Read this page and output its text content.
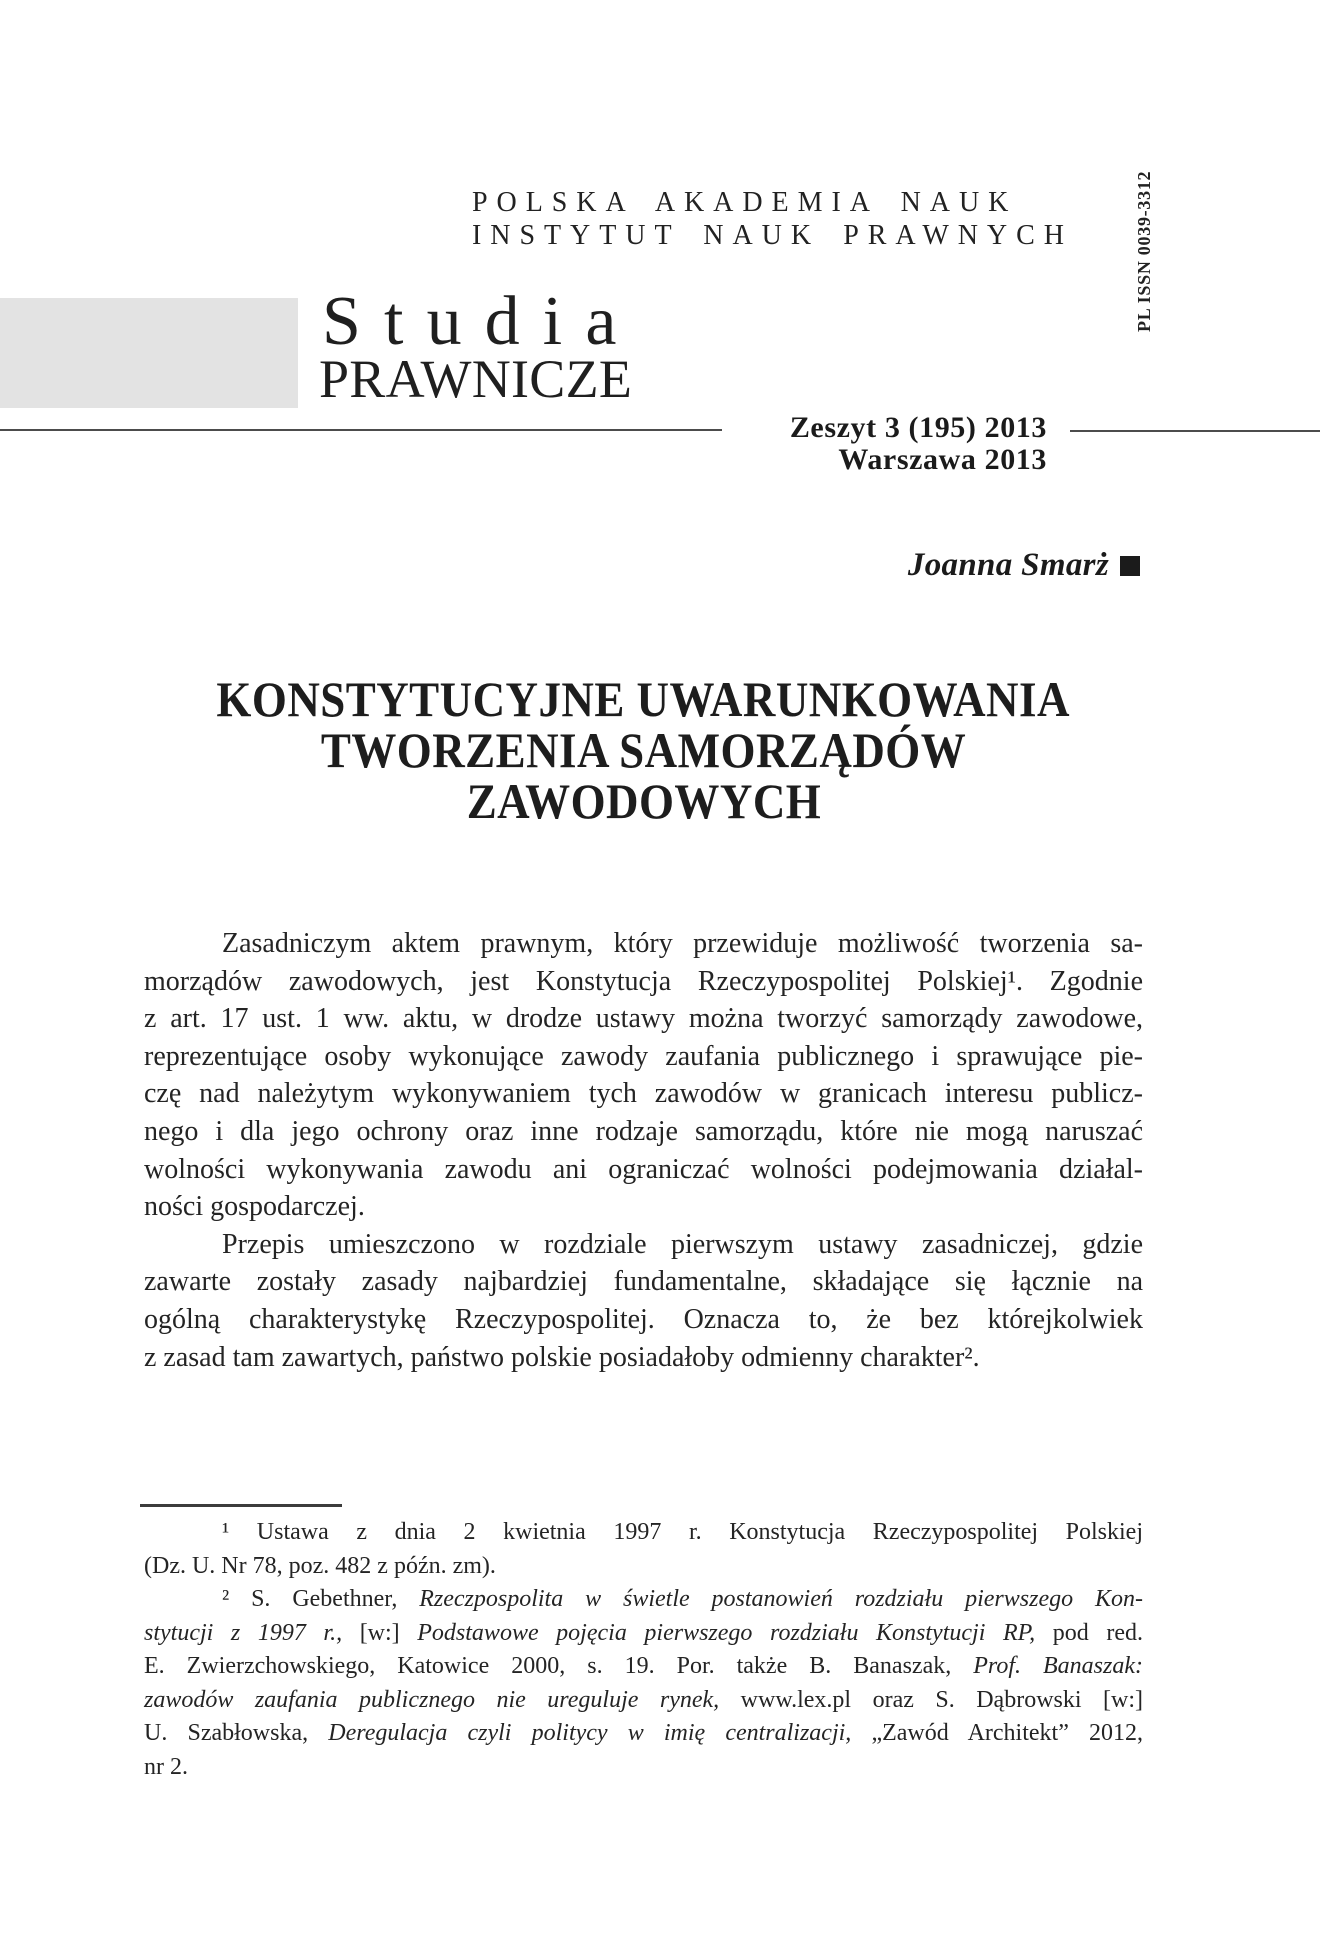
POLSKA AKADEMIA NAUK
INSTYTUT NAUK PRAWNYCH	PL ISSN 0039-3312
Studia
PRAWNICZE
Zeszyt 3 (195) 2013
Warszawa 2013
Joanna Smarż
KONSTYTUCYJNE UWARUNKOWANIA
TWORZENIA SAMORZĄDÓW
ZAWODOWYCH
Zasadniczym aktem prawnym, który przewiduje możliwość tworzenia sa-
morządów zawodowych, jest Konstytucja Rzeczypospolitej Polskiej¹. Zgodnie
z art. 17 ust. 1 ww. aktu, w drodze ustawy można tworzyć samorządy zawodowe,
reprezentujące osoby wykonujące zawody zaufania publicznego i sprawujące pie-
czę nad należytym wykonywaniem tych zawodów w granicach interesu publicz-
nego i dla jego ochrony oraz inne rodzaje samorządu, które nie mogą naruszać
wolności wykonywania zawodu ani ograniczać wolności podejmowania działal-
ności gospodarczej.
Przepis umieszczono w rozdziale pierwszym ustawy zasadniczej, gdzie
zawarte zostały zasady najbardziej fundamentalne, składające się łącznie na
ogólną charakterystykę Rzeczypospolitej. Oznacza to, że bez którejkolwiek
z zasad tam zawartych, państwo polskie posiadałoby odmienny charakter².
¹ Ustawa z dnia 2 kwietnia 1997 r. Konstytucja Rzeczypospolitej Polskiej
(Dz. U. Nr 78, poz. 482 z późn. zm).
² S. Gebethner, Rzeczpospolita w świetle postanowień rozdziału pierwszego Kon-
stytucji z 1997 r., [w:] Podstawowe pojęcia pierwszego rozdziału Konstytucji RP, pod red.
E. Zwierzchowskiego, Katowice 2000, s. 19. Por. także B. Banaszak, Prof. Banaszak:
zawodów zaufania publicznego nie ureguluje rynek, www.lex.pl oraz S. Dąbrowski [w:]
U. Szabłowska, Deregulacja czyli politycy w imię centralizacji, „Zawód Architekt” 2012,
nr 2.
